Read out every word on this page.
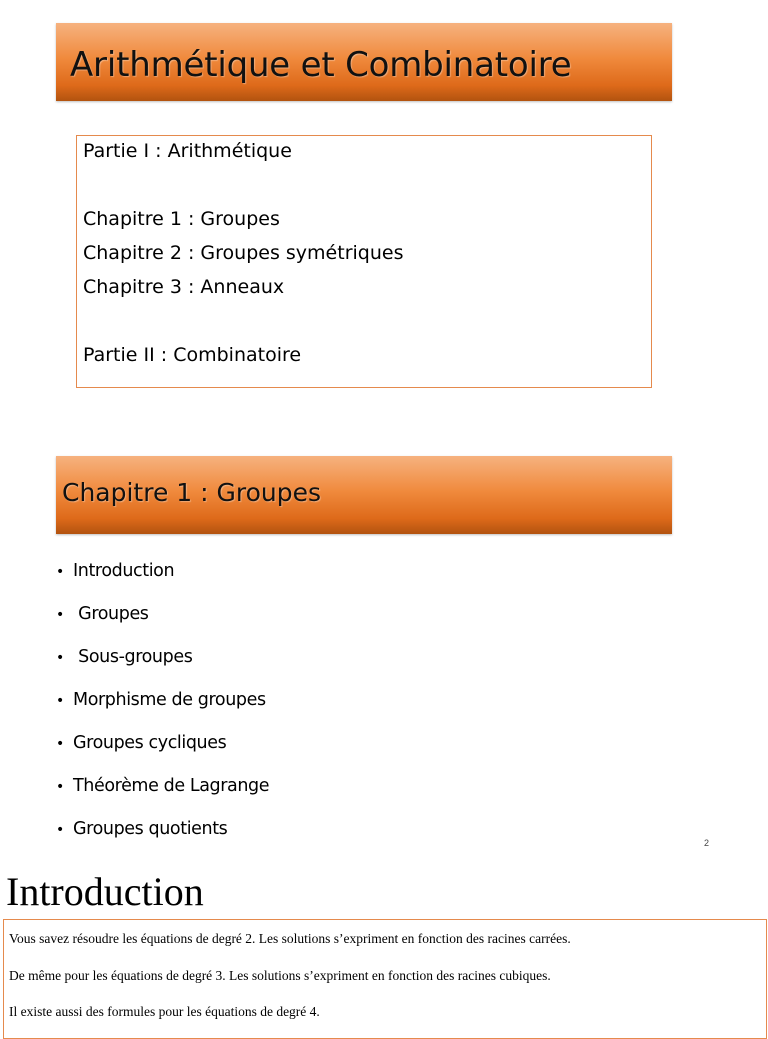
Arithmétique et Combinatoire
Partie I : Arithmétique
Chapitre 1 : Groupes
Chapitre 2 : Groupes symétriques
Chapitre 3 : Anneaux
Partie II : Combinatoire
Chapitre 1 : Groupes
• Introduction
• Groupes
• Sous-groupes
• Morphisme de groupes
• Groupes cycliques
• Théorème de Lagrange
• Groupes quotients
2
Introduction
Vous savez résoudre les équations de degré 2. Les solutions s’expriment en fonction des racines carrées.
De même pour les équations de degré 3. Les solutions s’expriment en fonction des racines cubiques.
Il existe aussi des formules pour les équations de degré 4.
